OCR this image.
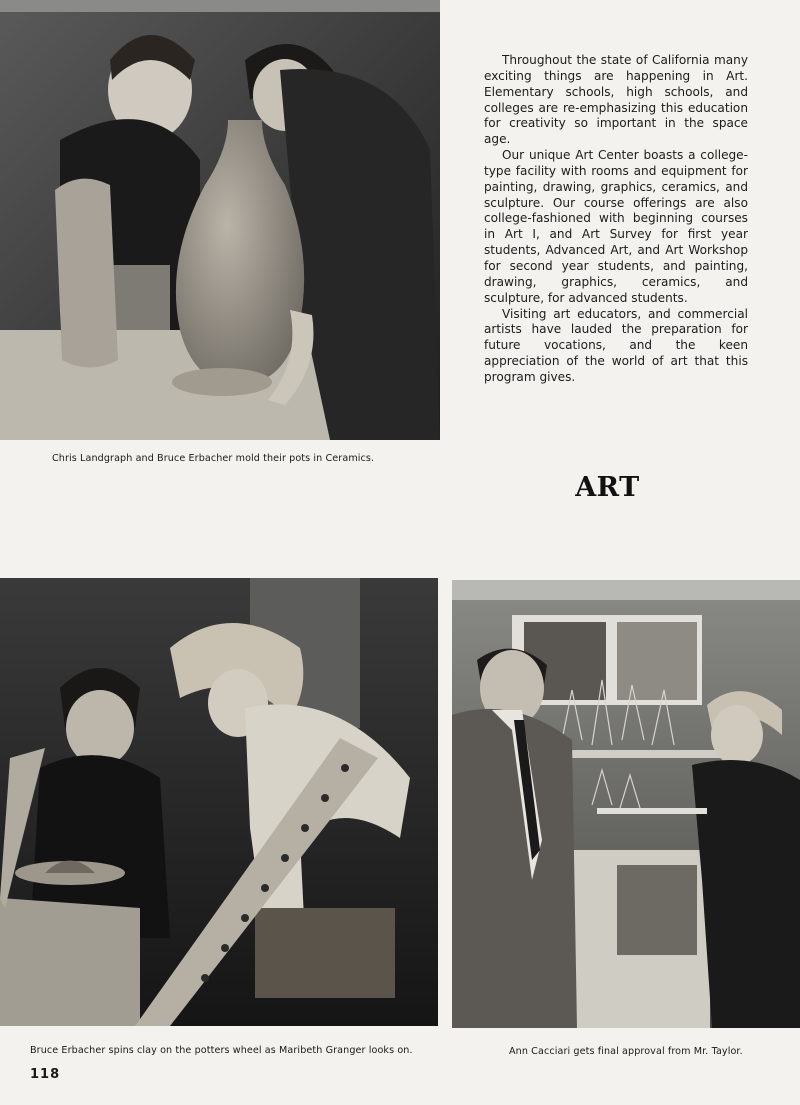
Throughout the state of California many exciting things are happening in Art. Elementary schools, high schools, and colleges are re-emphasizing this education for creativity so important in the space age.

Our unique Art Center boasts a college-type facility with rooms and equipment for painting, drawing, graphics, ceramics, and sculpture. Our course offerings are also college-fashioned with beginning courses in Art I, and Art Survey for first year students, Advanced Art, and Art Workshop for second year students, and painting, drawing, graphics, ceramics, and sculpture, for advanced students.

Visiting art educators, and commercial artists have lauded the preparation for future vocations, and the keen appreciation of the world of art that this program gives.

Chris Landgraph and Bruce Erbacher mold their pots in Ceramics.
ART
Bruce Erbacher spins clay on the potters wheel as Maribeth Granger looks on.	Ann Cacciari gets final approval from Mr. Taylor.
118
